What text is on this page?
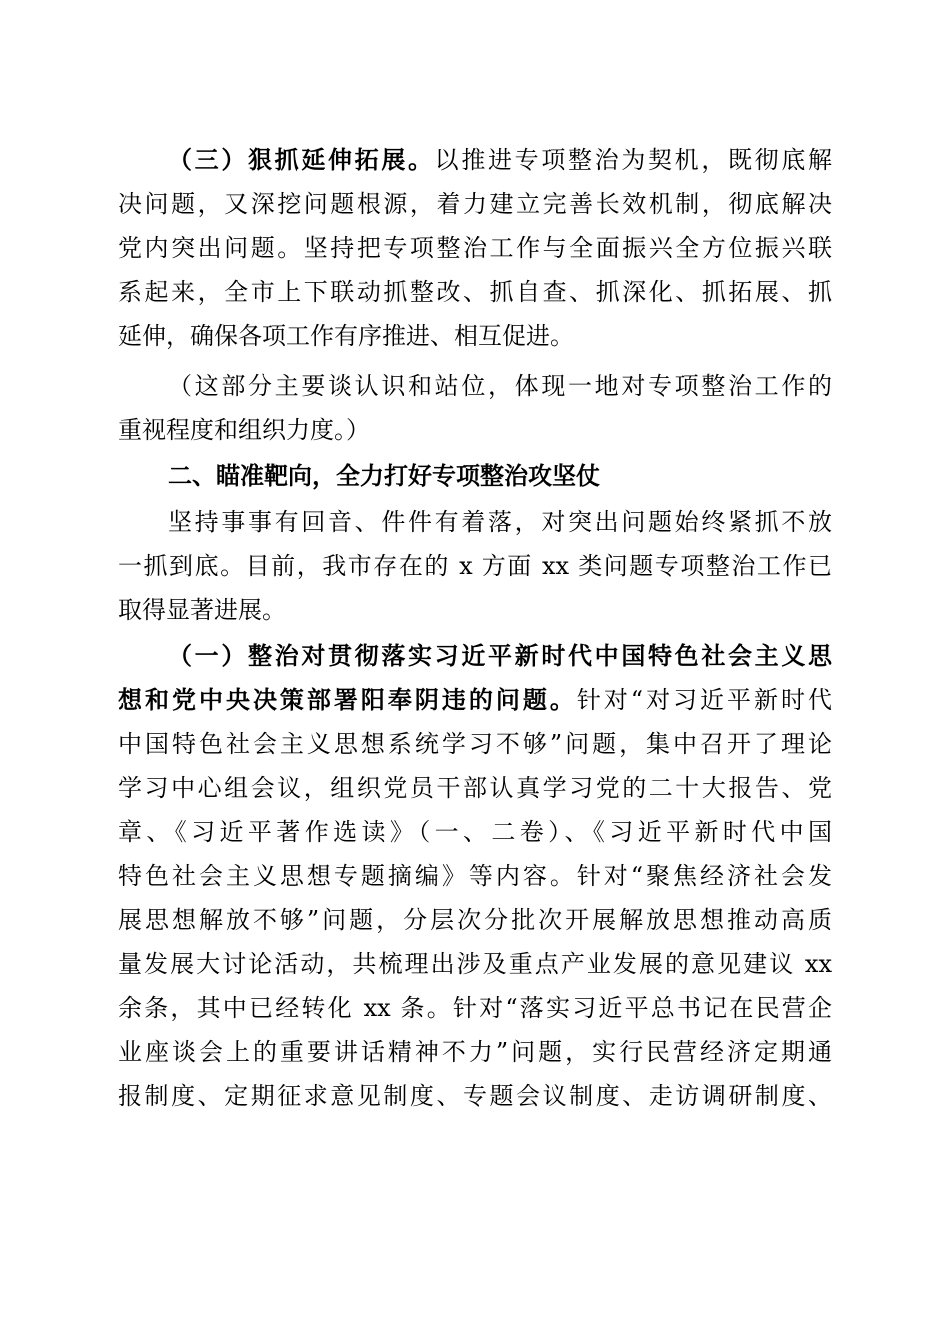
（三）狠抓延伸拓展。以推进专项整治为契机，既彻底解
决问题，又深挖问题根源，着力建立完善长效机制，彻底解决
党内突出问题。坚持把专项整治工作与全面振兴全方位振兴联
系起来，全市上下联动抓整改、抓自查、抓深化、抓拓展、抓
延伸，确保各项工作有序推进、相互促进。
（这部分主要谈认识和站位，体现一地对专项整治工作的
重视程度和组织力度。）
二、瞄准靶向，全力打好专项整治攻坚仗
坚持事事有回音、件件有着落，对突出问题始终紧抓不放
一抓到底。目前，我市存在的 x 方面 xx 类问题专项整治工作已
取得显著进展。
（一）整治对贯彻落实习近平新时代中国特色社会主义思
想和党中央决策部署阳奉阴违的问题。针对“对习近平新时代
中国特色社会主义思想系统学习不够”问题，集中召开了理论
学习中心组会议，组织党员干部认真学习党的二十大报告、党
章、《习近平著作选读》（一、二卷）、《习近平新时代中国
特色社会主义思想专题摘编》等内容。针对“聚焦经济社会发
展思想解放不够”问题，分层次分批次开展解放思想推动高质
量发展大讨论活动，共梳理出涉及重点产业发展的意见建议 xx
余条，其中已经转化 xx 条。针对“落实习近平总书记在民营企
业座谈会上的重要讲话精神不力”问题，实行民营经济定期通
报制度、定期征求意见制度、专题会议制度、走访调研制度、
